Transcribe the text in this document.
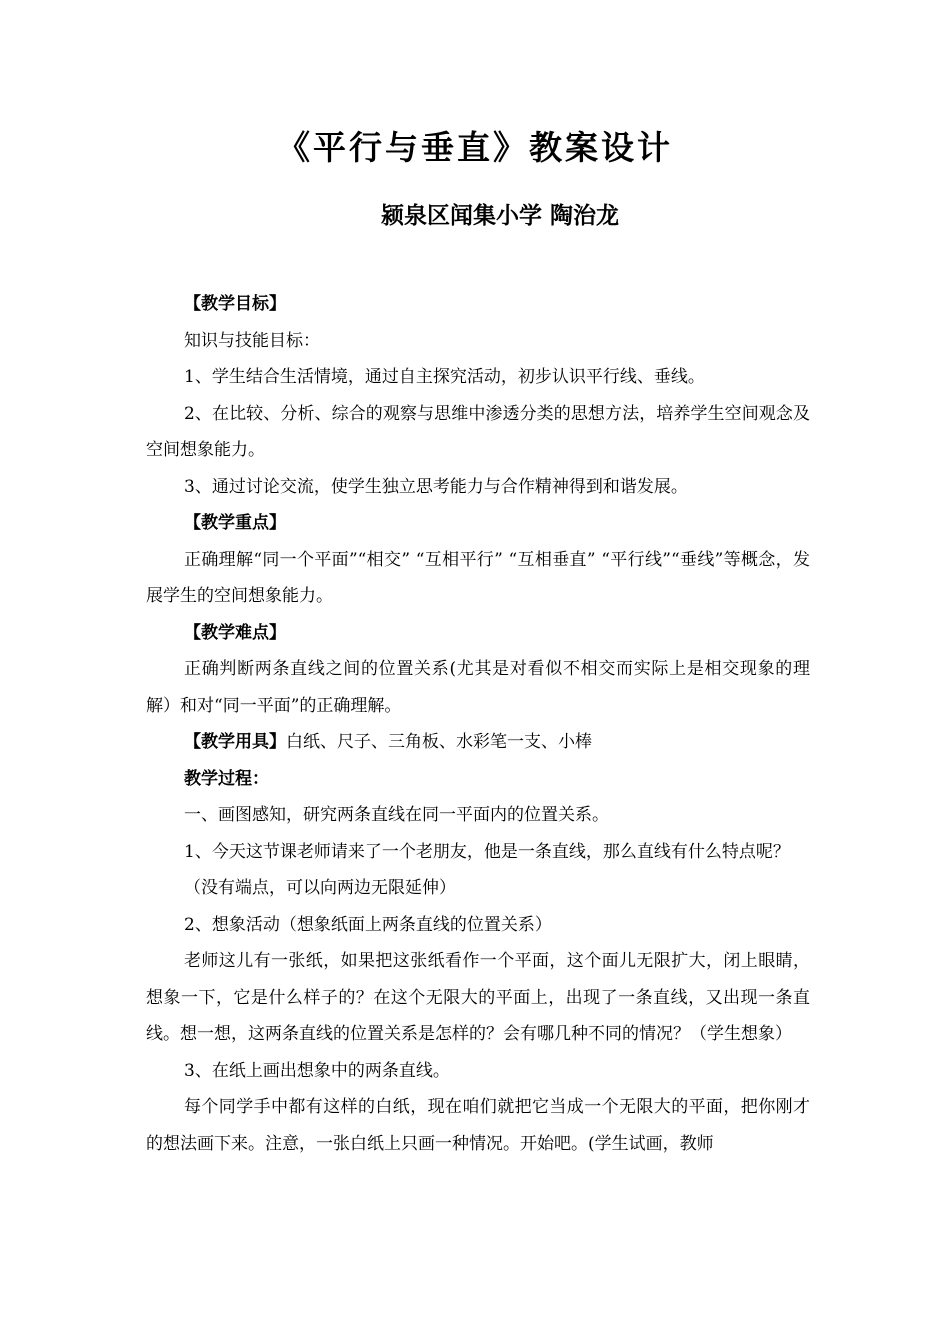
《平行与垂直》教案设计
颍泉区闻集小学 陶治龙

【教学目标】

知识与技能目标：

1、学生结合生活情境，通过自主探究活动，初步认识平行线、垂线。

2、在比较、分析、综合的观察与思维中渗透分类的思想方法，培养学生空间观念及空间想象能力。

3、通过讨论交流，使学生独立思考能力与合作精神得到和谐发展。

【教学重点】

正确理解“同一个平面”“相交” “互相平行” “互相垂直” “平行线”“垂线”等概念，发展学生的空间想象能力。

【教学难点】

正确判断两条直线之间的位置关系(尤其是对看似不相交而实际上是相交现象的理解）和对“同一平面”的正确理解。

【教学用具】白纸、尺子、三角板、水彩笔一支、小棒

教学过程：

一、画图感知，研究两条直线在同一平面内的位置关系。

1、今天这节课老师请来了一个老朋友，他是一条直线，那么直线有什么特点呢？

（没有端点，可以向两边无限延伸）

2、想象活动（想象纸面上两条直线的位置关系）

老师这儿有一张纸，如果把这张纸看作一个平面，这个面儿无限扩大，闭上眼睛，想象一下，它是什么样子的？在这个无限大的平面上，出现了一条直线，又出现一条直线。想一想，这两条直线的位置关系是怎样的？会有哪几种不同的情况？（学生想象）

3、在纸上画出想象中的两条直线。

每个同学手中都有这样的白纸，现在咱们就把它当成一个无限大的平面，把你刚才的想法画下来。注意，一张白纸上只画一种情况。开始吧。(学生试画，教师
